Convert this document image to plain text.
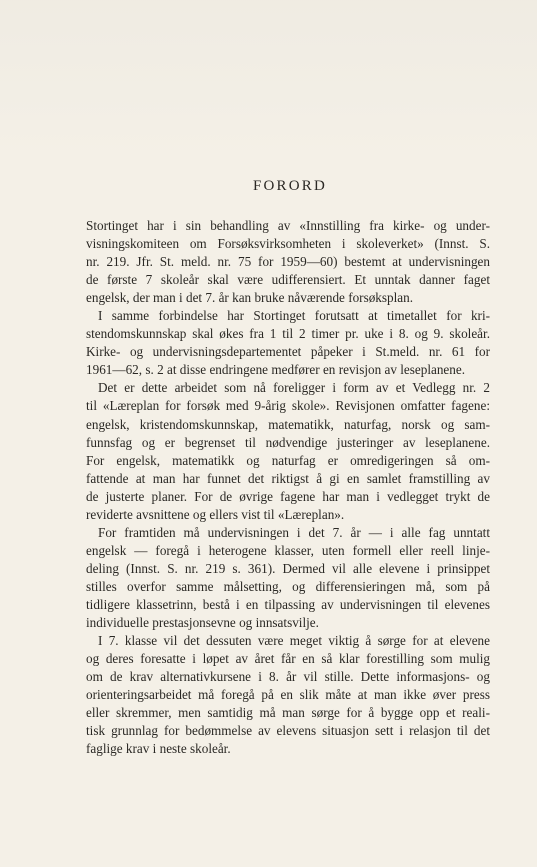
FORORD
Stortinget har i sin behandling av «Innstilling fra kirke- og under-
visningskomiteen om Forsøksvirksomheten i skoleverket» (Innst. S.
nr. 219. Jfr. St. meld. nr. 75 for 1959—60) bestemt at undervisningen
de første 7 skoleår skal være udifferensiert. Et unntak danner faget
engelsk, der man i det 7. år kan bruke nåværende forsøksplan.
I samme forbindelse har Stortinget forutsatt at timetallet for kri-
stendomskunnskap skal økes fra 1 til 2 timer pr. uke i 8. og 9. skoleår.
Kirke- og undervisningsdepartementet påpeker i St.meld. nr. 61 for
1961—62, s. 2 at disse endringene medfører en revisjon av leseplanene.
Det er dette arbeidet som nå foreligger i form av et Vedlegg nr. 2
til «Læreplan for forsøk med 9-årig skole». Revisjonen omfatter fagene:
engelsk, kristendomskunnskap, matematikk, naturfag, norsk og sam-
funnsfag og er begrenset til nødvendige justeringer av leseplanene.
For engelsk, matematikk og naturfag er omredigeringen så om-
fattende at man har funnet det riktigst å gi en samlet framstilling av
de justerte planer. For de øvrige fagene har man i vedlegget trykt de
reviderte avsnittene og ellers vist til «Læreplan».
For framtiden må undervisningen i det 7. år — i alle fag unntatt
engelsk — foregå i heterogene klasser, uten formell eller reell linje-
deling (Innst. S. nr. 219 s. 361). Dermed vil alle elevene i prinsippet
stilles overfor samme målsetting, og differensieringen må, som på
tidligere klassetrinn, bestå i en tilpassing av undervisningen til elevenes
individuelle prestasjonsevne og innsatsvilje.
I 7. klasse vil det dessuten være meget viktig å sørge for at elevene
og deres foresatte i løpet av året får en så klar forestilling som mulig
om de krav alternativkursene i 8. år vil stille. Dette informasjons- og
orienteringsarbeidet må foregå på en slik måte at man ikke øver press
eller skremmer, men samtidig må man sørge for å bygge opp et reali-
tisk grunnlag for bedømmelse av elevens situasjon sett i relasjon til det
faglige krav i neste skoleår.
